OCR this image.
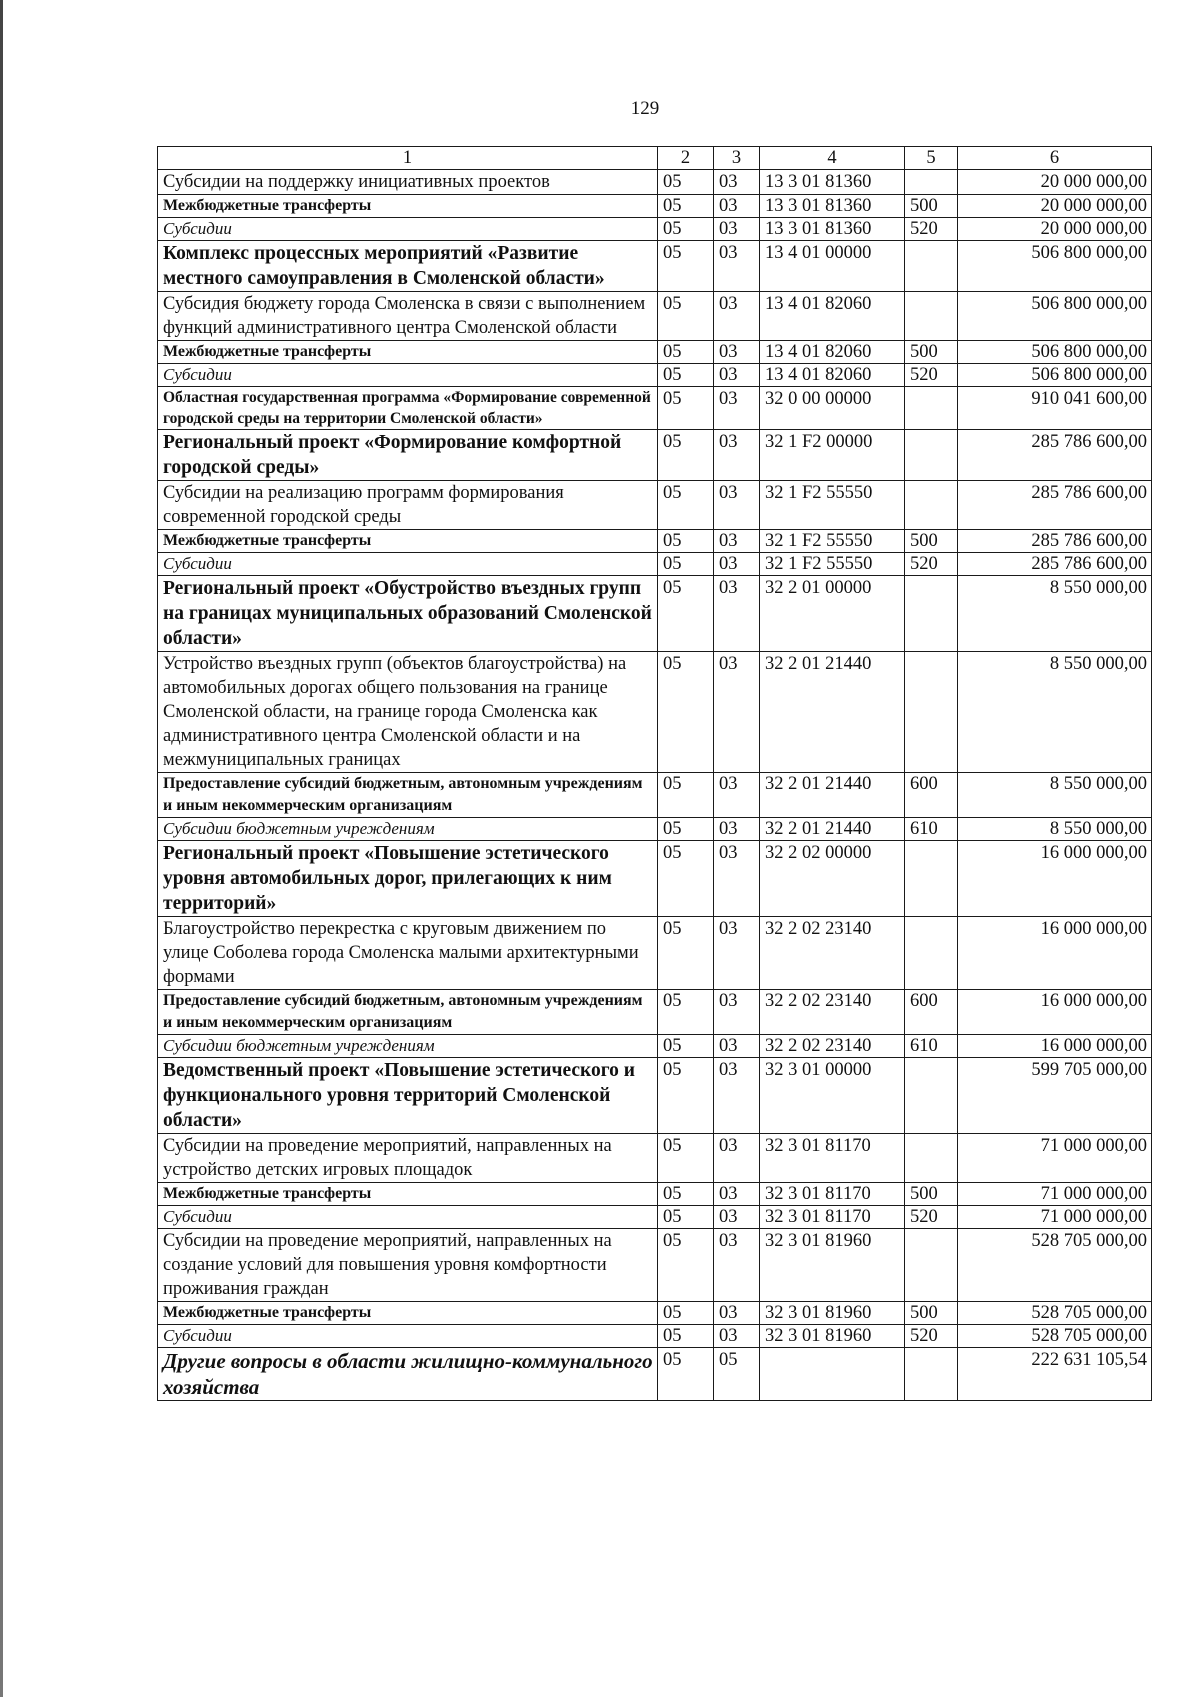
129
1	2	3	4	5	6
Субсидии на поддержку инициативных проектов	05	03	13 3 01 81360		20 000 000,00
Межбюджетные трансферты	05	03	13 3 01 81360	500	20 000 000,00
Субсидии	05	03	13 3 01 81360	520	20 000 000,00
Комплекс процессных мероприятий «Развитие местного самоуправления в Смоленской области»	05	03	13 4 01 00000		506 800 000,00
Субсидия бюджету города Смоленска в связи с выполнением функций административного центра Смоленской области	05	03	13 4 01 82060		506 800 000,00
Межбюджетные трансферты	05	03	13 4 01 82060	500	506 800 000,00
Субсидии	05	03	13 4 01 82060	520	506 800 000,00
Областная государственная программа «Формирование современной городской среды на территории Смоленской области»	05	03	32 0 00 00000		910 041 600,00
Региональный проект «Формирование комфортной городской среды»	05	03	32 1 F2 00000		285 786 600,00
Субсидии на реализацию программ формирования современной городской среды	05	03	32 1 F2 55550		285 786 600,00
Межбюджетные трансферты	05	03	32 1 F2 55550	500	285 786 600,00
Субсидии	05	03	32 1 F2 55550	520	285 786 600,00
Региональный проект «Обустройство въездных групп на границах муниципальных образований Смоленской области»	05	03	32 2 01 00000		8 550 000,00
Устройство въездных групп (объектов благоустройства) на автомобильных дорогах общего пользования на границе Смоленской области, на границе города Смоленска как административного центра Смоленской области и на межмуниципальных границах	05	03	32 2 01 21440		8 550 000,00
Предоставление субсидий бюджетным, автономным учреждениям и иным некоммерческим организациям	05	03	32 2 01 21440	600	8 550 000,00
Субсидии бюджетным учреждениям	05	03	32 2 01 21440	610	8 550 000,00
Региональный проект «Повышение эстетического уровня автомобильных дорог, прилегающих к ним территорий»	05	03	32 2 02 00000		16 000 000,00
Благоустройство перекрестка с круговым движением по улице Соболева города Смоленска малыми архитектурными формами	05	03	32 2 02 23140		16 000 000,00
Предоставление субсидий бюджетным, автономным учреждениям и иным некоммерческим организациям	05	03	32 2 02 23140	600	16 000 000,00
Субсидии бюджетным учреждениям	05	03	32 2 02 23140	610	16 000 000,00
Ведомственный проект «Повышение эстетического и функционального уровня территорий Смоленской области»	05	03	32 3 01 00000		599 705 000,00
Субсидии на проведение мероприятий, направленных на устройство детских игровых площадок	05	03	32 3 01 81170		71 000 000,00
Межбюджетные трансферты	05	03	32 3 01 81170	500	71 000 000,00
Субсидии	05	03	32 3 01 81170	520	71 000 000,00
Субсидии на проведение мероприятий, направленных на создание условий для повышения уровня комфортности проживания граждан	05	03	32 3 01 81960		528 705 000,00
Межбюджетные трансферты	05	03	32 3 01 81960	500	528 705 000,00
Субсидии	05	03	32 3 01 81960	520	528 705 000,00
Другие вопросы в области жилищно-коммунального хозяйства	05	05			222 631 105,54
